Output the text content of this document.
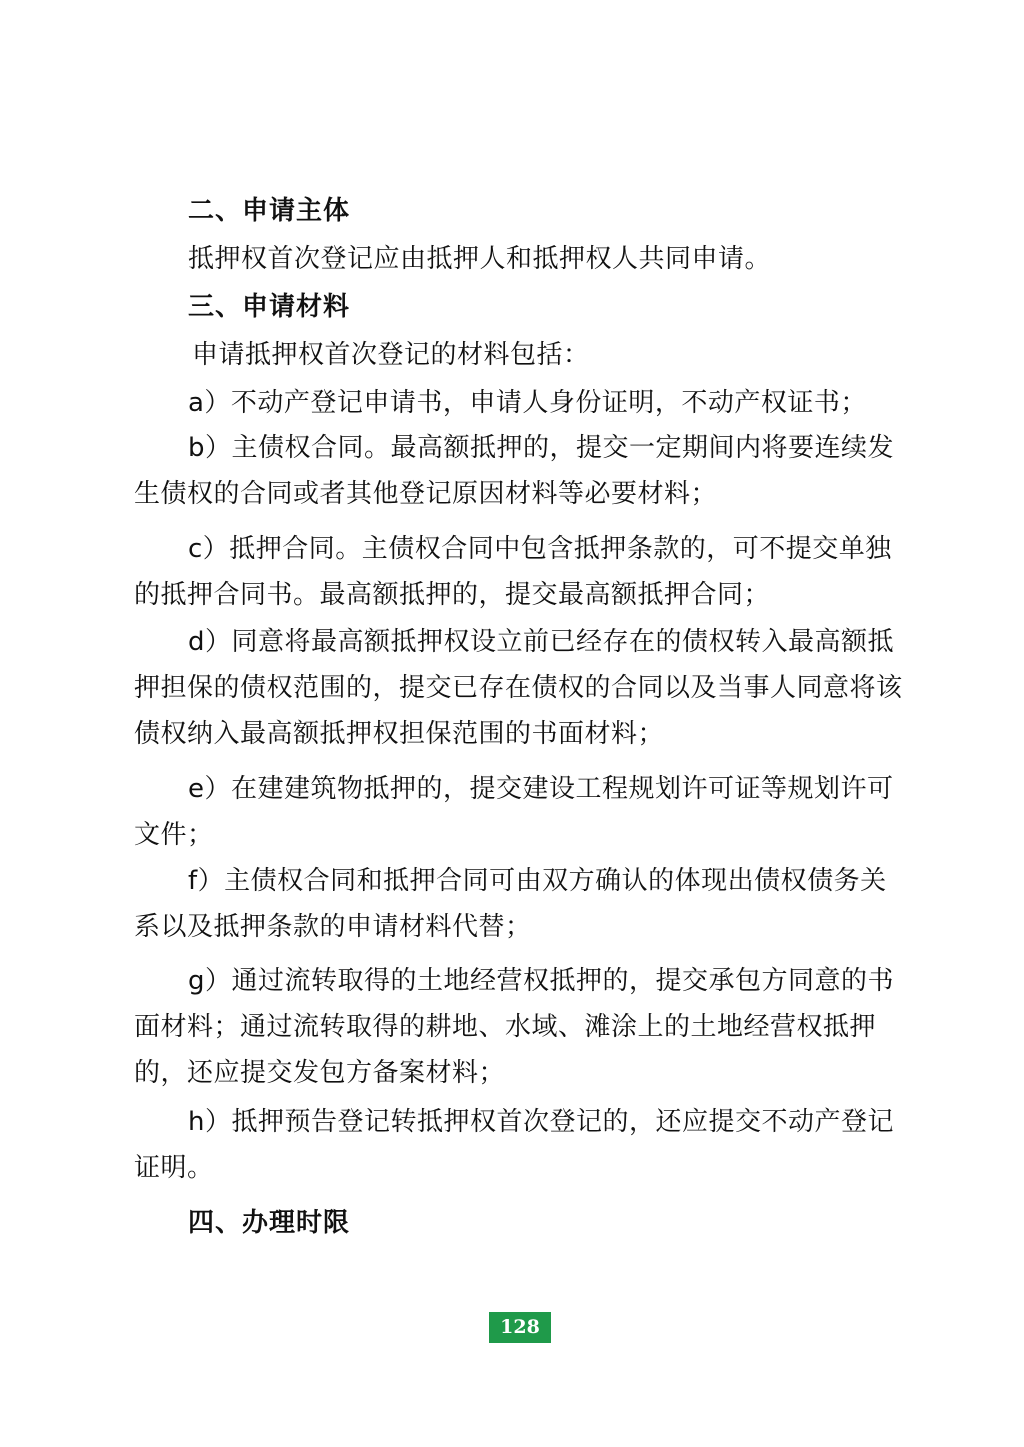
二、申请主体

抵押权首次登记应由抵押人和抵押权人共同申请。

三、申请材料

申请抵押权首次登记的材料包括：

a）不动产登记申请书，申请人身份证明，不动产权证书；

b）主债权合同。最高额抵押的，提交一定期间内将要连续发生债权的合同或者其他登记原因材料等必要材料；

c）抵押合同。主债权合同中包含抵押条款的，可不提交单独的抵押合同书。最高额抵押的，提交最高额抵押合同；

d）同意将最高额抵押权设立前已经存在的债权转入最高额抵押担保的债权范围的，提交已存在债权的合同以及当事人同意将该债权纳入最高额抵押权担保范围的书面材料；

e）在建建筑物抵押的，提交建设工程规划许可证等规划许可文件；

f）主债权合同和抵押合同可由双方确认的体现出债权债务关系以及抵押条款的申请材料代替；

g）通过流转取得的土地经营权抵押的，提交承包方同意的书面材料；通过流转取得的耕地、水域、滩涂上的土地经营权抵押的，还应提交发包方备案材料；

h）抵押预告登记转抵押权首次登记的，还应提交不动产登记证明。

四、办理时限
128
